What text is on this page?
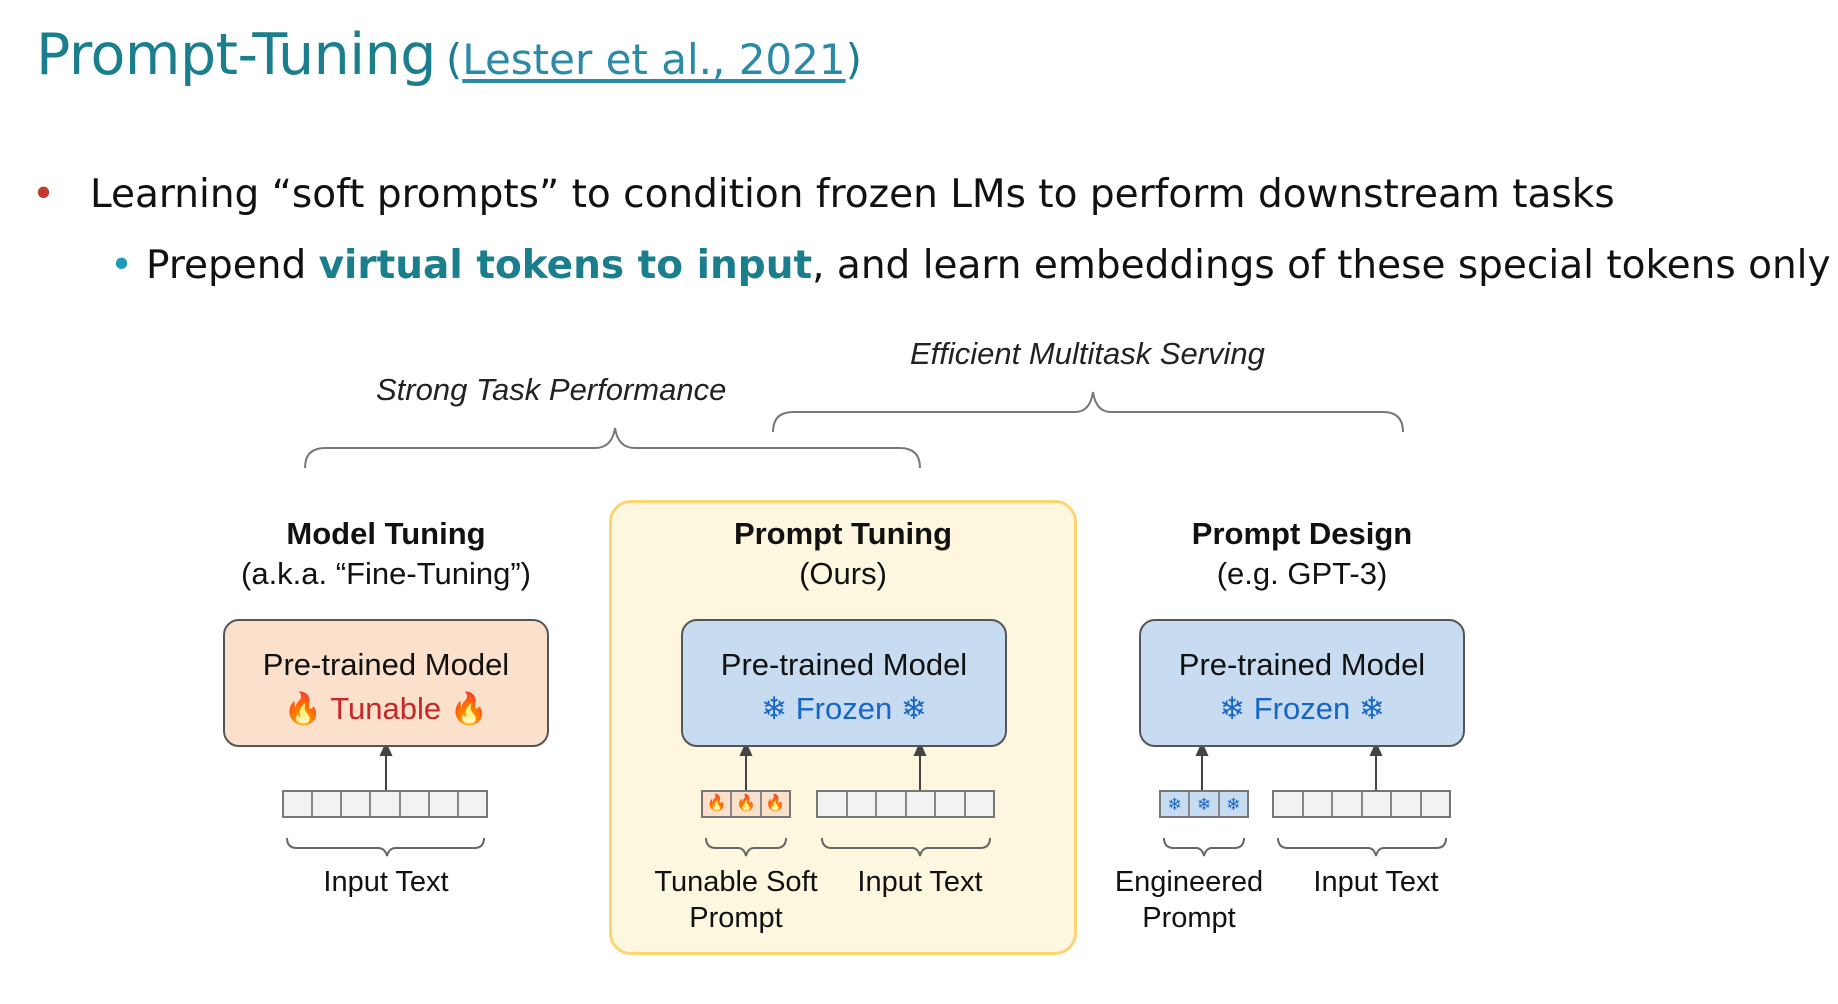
Prompt-Tuning (Lester et al., 2021)
• Learning “soft prompts” to condition frozen LMs to perform downstream tasks
• Prepend virtual tokens to input, and learn embeddings of these special tokens only
Strong Task Performance
Efficient Multitask Serving
Model Tuning
(a.k.a. “Fine-Tuning”)
Pre-trained Model
🔥 Tunable 🔥
Input Text
Prompt Tuning
(Ours)
Pre-trained Model
❄ Frozen ❄
🔥 🔥 🔥
Tunable Soft
Prompt
Input Text
Prompt Design
(e.g. GPT-3)
Pre-trained Model
❄ Frozen ❄
❄ ❄ ❄
Engineered
Prompt
Input Text
